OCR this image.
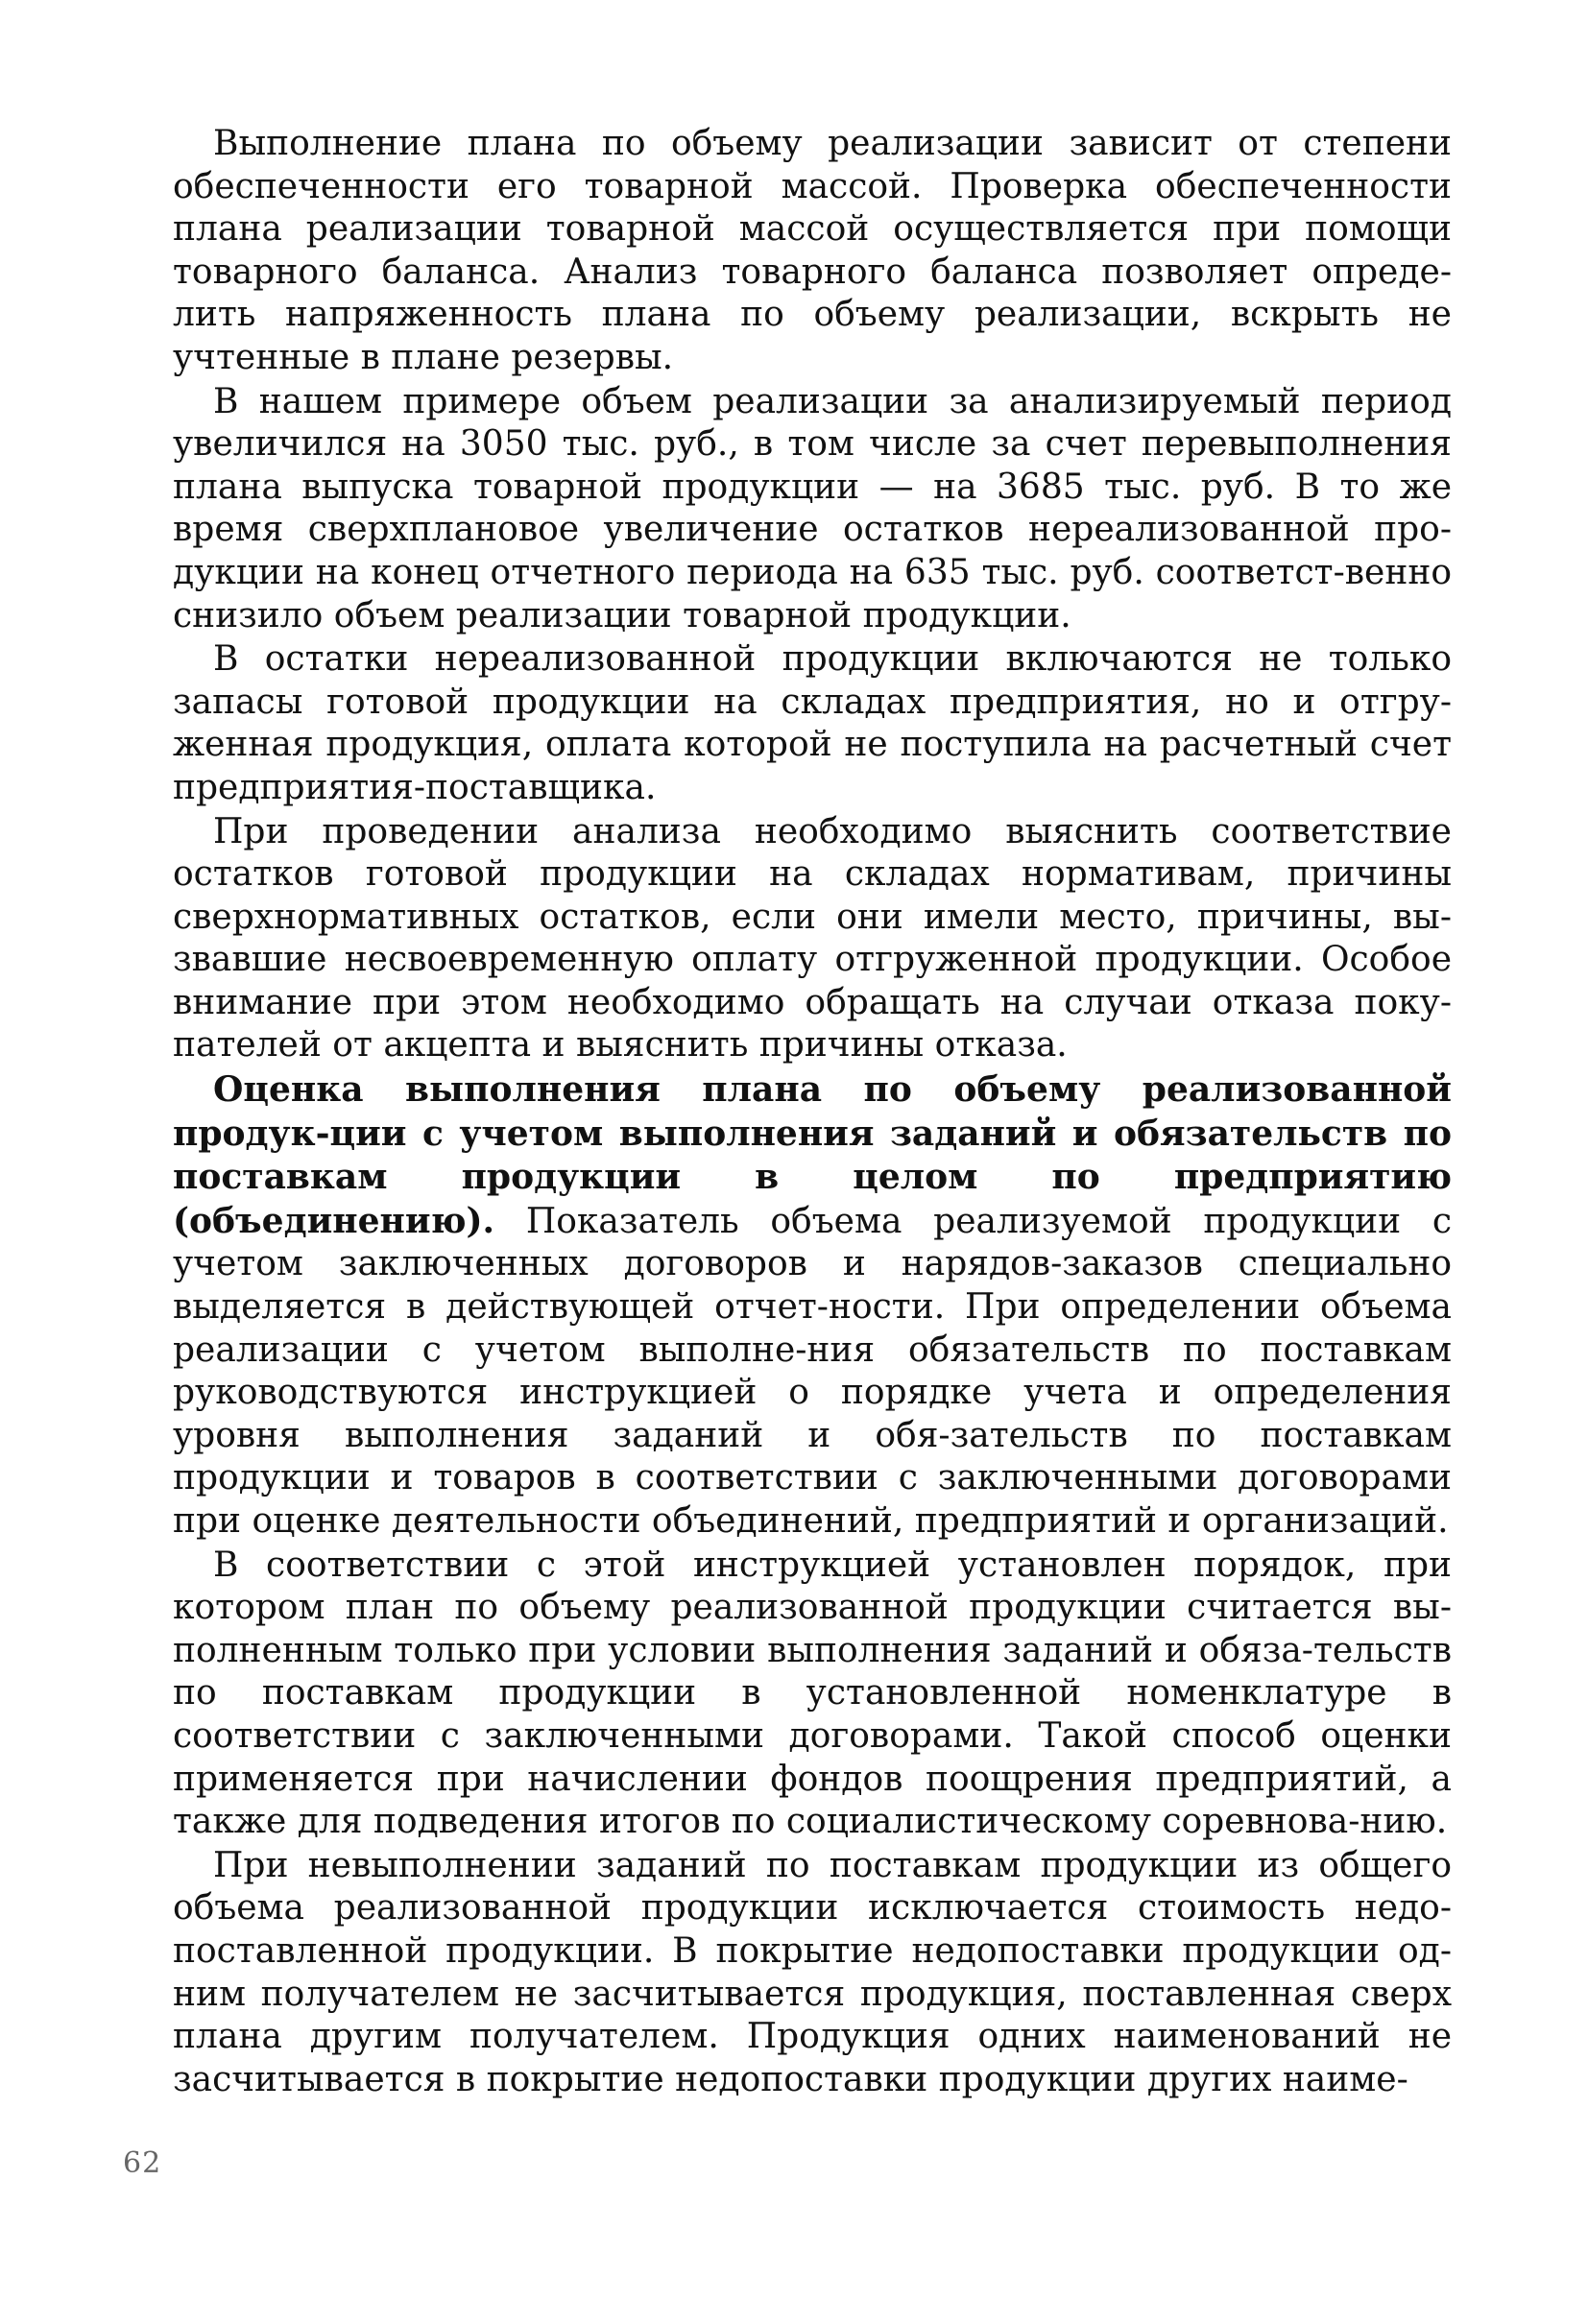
Выполнение плана по объему реализации зависит от степени обеспеченности его товарной массой. Проверка обеспеченности плана реализации товарной массой осуществляется при помощи товарного баланса. Анализ товарного баланса позволяет опреде-лить напряженность плана по объему реализации, вскрыть не учтенные в плане резервы.

В нашем примере объем реализации за анализируемый период увеличился на 3050 тыс. руб., в том числе за счет перевыполнения плана выпуска товарной продукции — на 3685 тыс. руб. В то же время сверхплановое увеличение остатков нереализованной про-дукции на конец отчетного периода на 635 тыс. руб. соответст-венно снизило объем реализации товарной продукции.

В остатки нереализованной продукции включаются не только запасы готовой продукции на складах предприятия, но и отгру-женная продукция, оплата которой не поступила на расчетный счет предприятия-поставщика.

При проведении анализа необходимо выяснить соответствие остатков готовой продукции на складах нормативам, причины сверхнормативных остатков, если они имели место, причины, вы-звавшие несвоевременную оплату отгруженной продукции. Особое внимание при этом необходимо обращать на случаи отказа поку-пателей от акцепта и выяснить причины отказа.

Оценка выполнения плана по объему реализованной продук-ции с учетом выполнения заданий и обязательств по поставкам продукции в целом по предприятию (объединению). Показатель объема реализуемой продукции с учетом заключенных договоров и нарядов-заказов специально выделяется в действующей отчет-ности. При определении объема реализации с учетом выполне-ния обязательств по поставкам руководствуются инструкцией о порядке учета и определения уровня выполнения заданий и обя-зательств по поставкам продукции и товаров в соответствии с заключенными договорами при оценке деятельности объединений, предприятий и организаций.

В соответствии с этой инструкцией установлен порядок, при котором план по объему реализованной продукции считается вы-полненным только при условии выполнения заданий и обяза-тельств по поставкам продукции в установленной номенклатуре в соответствии с заключенными договорами. Такой способ оценки применяется при начислении фондов поощрения предприятий, а также для подведения итогов по социалистическому соревнова-нию.

При невыполнении заданий по поставкам продукции из общего объема реализованной продукции исключается стоимость недо-поставленной продукции. В покрытие недопоставки продукции од-ним получателем не засчитывается продукция, поставленная сверх плана другим получателем. Продукция одних наименований не засчитывается в покрытие недопоставки продукции других наиме-

62
